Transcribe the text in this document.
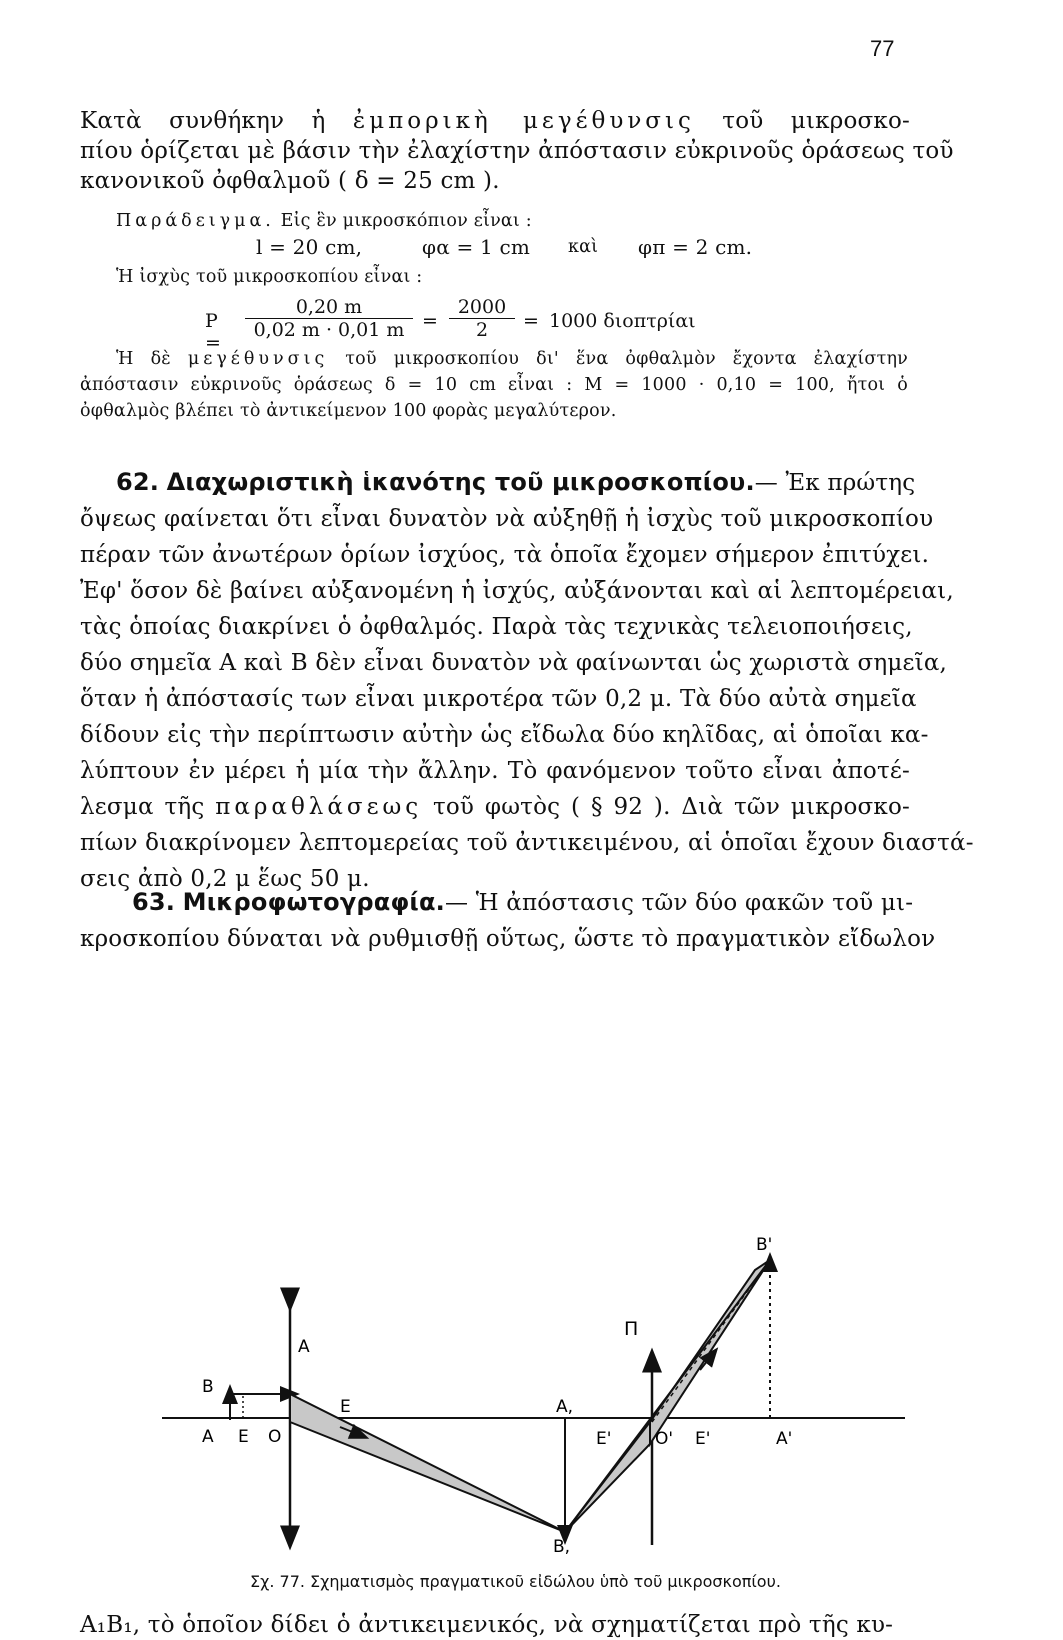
77
Κατὰ συνθήκην ἡ ἐμπορικὴ μεγέθυνσις τοῦ μικροσκο-
πίου ὁρίζεται μὲ βάσιν τὴν ἐλαχίστην ἀπόστασιν εὐκρινοῦς ὁράσεως τοῦ
κανονικοῦ ὀφθαλμοῦ ( δ = 25 cm ).
Παράδειγμα. Εἰς ἓν μικροσκόπιον εἶναι :
l = 20 cm,	φα = 1 cm καὶ φπ = 2 cm.
Ἡ ἰσχὺς τοῦ μικροσκοπίου εἶναι :
P =
$\frac{0,20 m}{0,02 m \cdot 0,01 m} = \frac{2000}{2} = 1000$ διοπτρίαι
Ἡ δὲ μεγέθυνσις τοῦ μικροσκοπίου δι' ἕνα ὀφθαλμὸν ἔχοντα ἐλαχίστην
ἀπόστασιν εὐκρινοῦς ὁράσεως δ = 10 cm εἶναι : M = 1000 · 0,10 = 100, ἤτοι ὁ
ὀφθαλμὸς βλέπει τὸ ἀντικείμενον 100 φορὰς μεγαλύτερον.
62. Διαχωριστικὴ ἱκανότης τοῦ μικροσκοπίου.— Ἐκ πρώτης
ὄψεως φαίνεται ὅτι εἶναι δυνατὸν νὰ αὐξηθῇ ἡ ἰσχὺς τοῦ μικροσκοπίου
πέραν τῶν ἀνωτέρων ὁρίων ἰσχύος, τὰ ὁποῖα ἔχομεν σήμερον ἐπιτύχει.
Ἐφ' ὅσον δὲ βαίνει αὐξανομένη ἡ ἰσχύς, αὐξάνονται καὶ αἱ λεπτομέρειαι,
τὰς ὁποίας διακρίνει ὁ ὀφθαλμός. Παρὰ τὰς τεχνικὰς τελειοποιήσεις,
δύο σημεῖα Α καὶ Β δὲν εἶναι δυνατὸν νὰ φαίνωνται ὡς χωριστὰ σημεῖα,
ὅταν ἡ ἀπόστασίς των εἶναι μικροτέρα τῶν 0,2 μ. Τὰ δύο αὐτὰ σημεῖα
δίδουν εἰς τὴν περίπτωσιν αὐτὴν ὡς εἴδωλα δύο κηλῖδας, αἱ ὁποῖαι κα-
λύπτουν ἐν μέρει ἡ μία τὴν ἄλλην. Τὸ φανόμενον τοῦτο εἶναι ἀποτέ-
λεσμα τῆς παραθλάσεως τοῦ φωτὸς ( § 92 ). Διὰ τῶν μικροσκο-
πίων διακρίνομεν λεπτομερείας τοῦ ἀντικειμένου, αἱ ὁποῖαι ἔχουν διαστά-
σεις ἀπὸ 0,2 μ ἕως 50 μ.
63. Μικροφωτογραφία.— Ἡ ἀπόστασις τῶν δύο φακῶν τοῦ μι-
κροσκοπίου δύναται νὰ ρυθμισθῇ οὕτως, ὥστε τὸ πραγματικὸν εἴδωλον
B
A E O
A
E	A,
E'	O' E'	A'
B,
Π
B'
Σχ. 77. Σχηματισμὸς πραγματικοῦ εἰδώλου ὑπὸ τοῦ μικροσκοπίου.
A₁B₁, τὸ ὁποῖον δίδει ὁ ἀντικειμενικός, νὰ σχηματίζεται πρὸ τῆς κυ-
